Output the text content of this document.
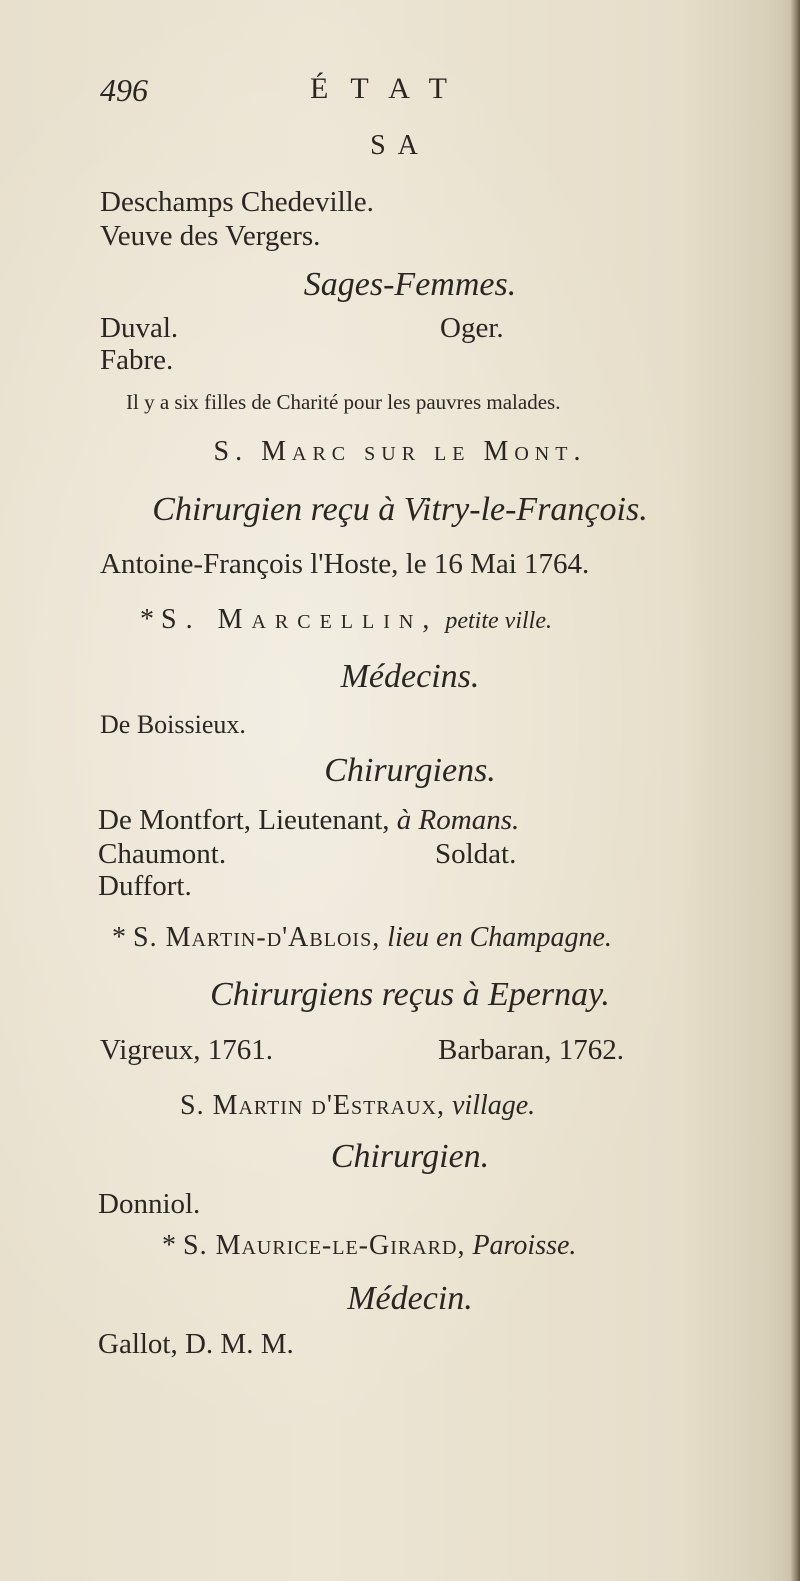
496	ÉTAT
SA
Deschamps Chedeville.
Veuve des Vergers.
Sages-Femmes.
Duval.	Oger.
Fabre.
Il y a six filles de Charité pour les pauvres malades.
S. Marc sur le Mont.
Chirurgien reçu à Vitry-le-François.
Antoine-François l'Hoste, le 16 Mai 1764.
* S. Marcellin, petite ville.
Médecins.
De Boissieux.
Chirurgiens.
De Montfort, Lieutenant, à Romans.
Chaumont.	Soldat.
Duffort.
* S. Martin-d'Ablois, lieu en Champagne.
Chirurgiens reçus à Epernay.
Vigreux, 1761.	Barbaran, 1762.
S. Martin d'Estraux, village.
Chirurgien.
Donniol.
* S. Maurice-le-Girard, Paroisse.
Médecin.
Gallot, D. M. M.
